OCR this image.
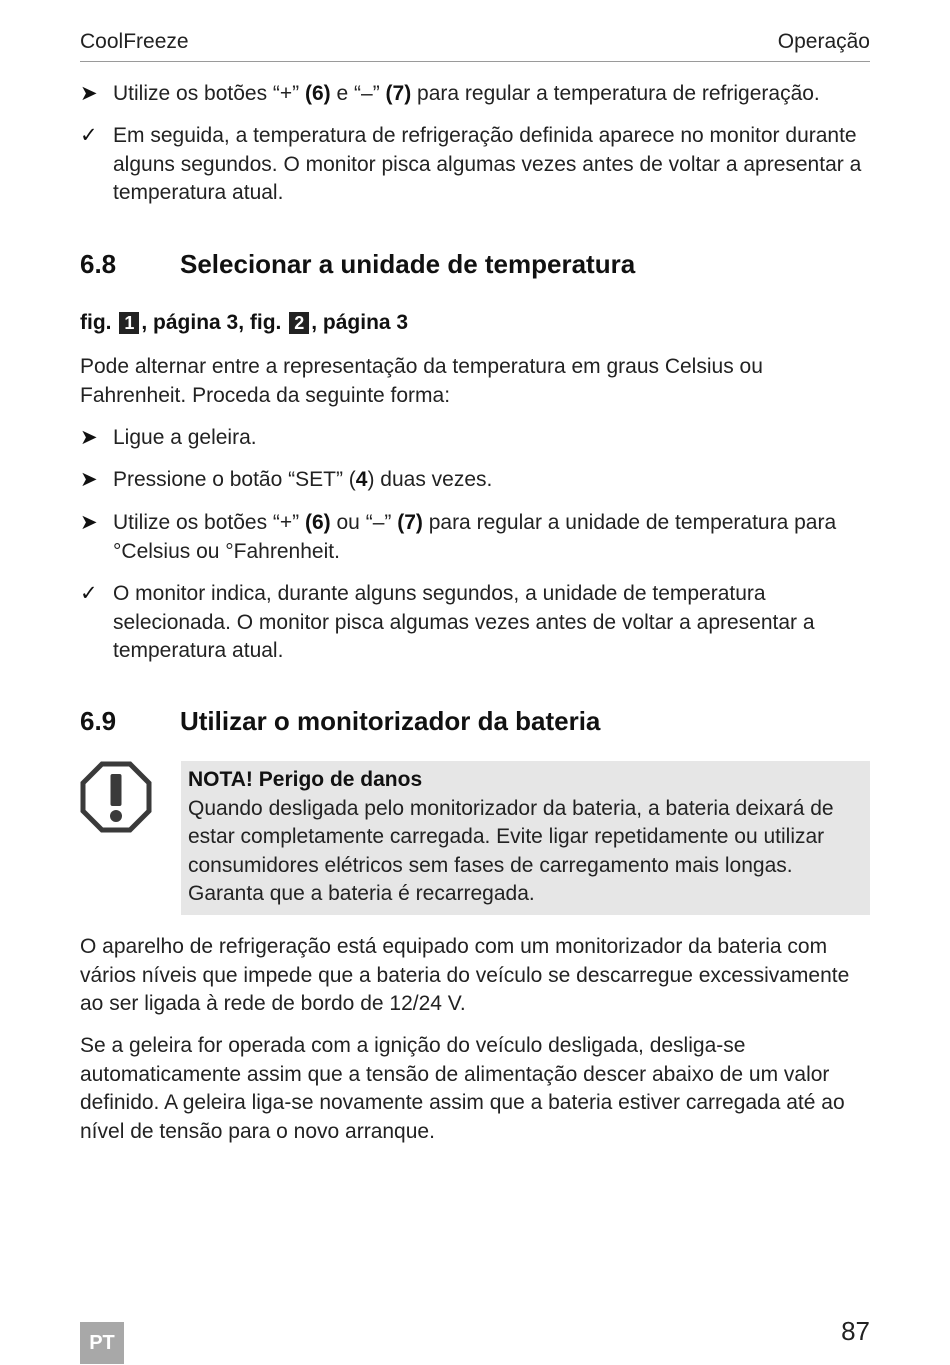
CoolFreeze	Operação
➤ Utilize os botões “+” (6) e “–” (7) para regular a temperatura de refrigeração.
✓ Em seguida, a temperatura de refrigeração definida aparece no monitor durante alguns segundos. O monitor pisca algumas vezes antes de voltar a apresentar a temperatura atual.
6.8 Selecionar a unidade de temperatura
fig. 1 , página 3, fig. 2 , página 3
Pode alternar entre a representação da temperatura em graus Celsius ou Fahrenheit. Proceda da seguinte forma:
➤ Ligue a geleira.
➤ Pressione o botão “SET” (4) duas vezes.
➤ Utilize os botões “+” (6) ou “–” (7) para regular a unidade de temperatura para °Celsius ou °Fahrenheit.
✓ O monitor indica, durante alguns segundos, a unidade de temperatura selecionada. O monitor pisca algumas vezes antes de voltar a apresentar a temperatura atual.
6.9 Utilizar o monitorizador da bateria
NOTA! Perigo de danos
Quando desligada pelo monitorizador da bateria, a bateria deixará de estar completamente carregada. Evite ligar repetidamente ou utilizar consumidores elétricos sem fases de carregamento mais longas. Garanta que a bateria é recarregada.
O aparelho de refrigeração está equipado com um monitorizador da bateria com vários níveis que impede que a bateria do veículo se descarregue excessivamente ao ser ligada à rede de bordo de 12/24 V.
Se a geleira for operada com a ignição do veículo desligada, desliga-se automaticamente assim que a tensão de alimentação descer abaixo de um valor definido. A geleira liga-se novamente assim que a bateria estiver carregada até ao nível de tensão para o novo arranque.
PT	87
